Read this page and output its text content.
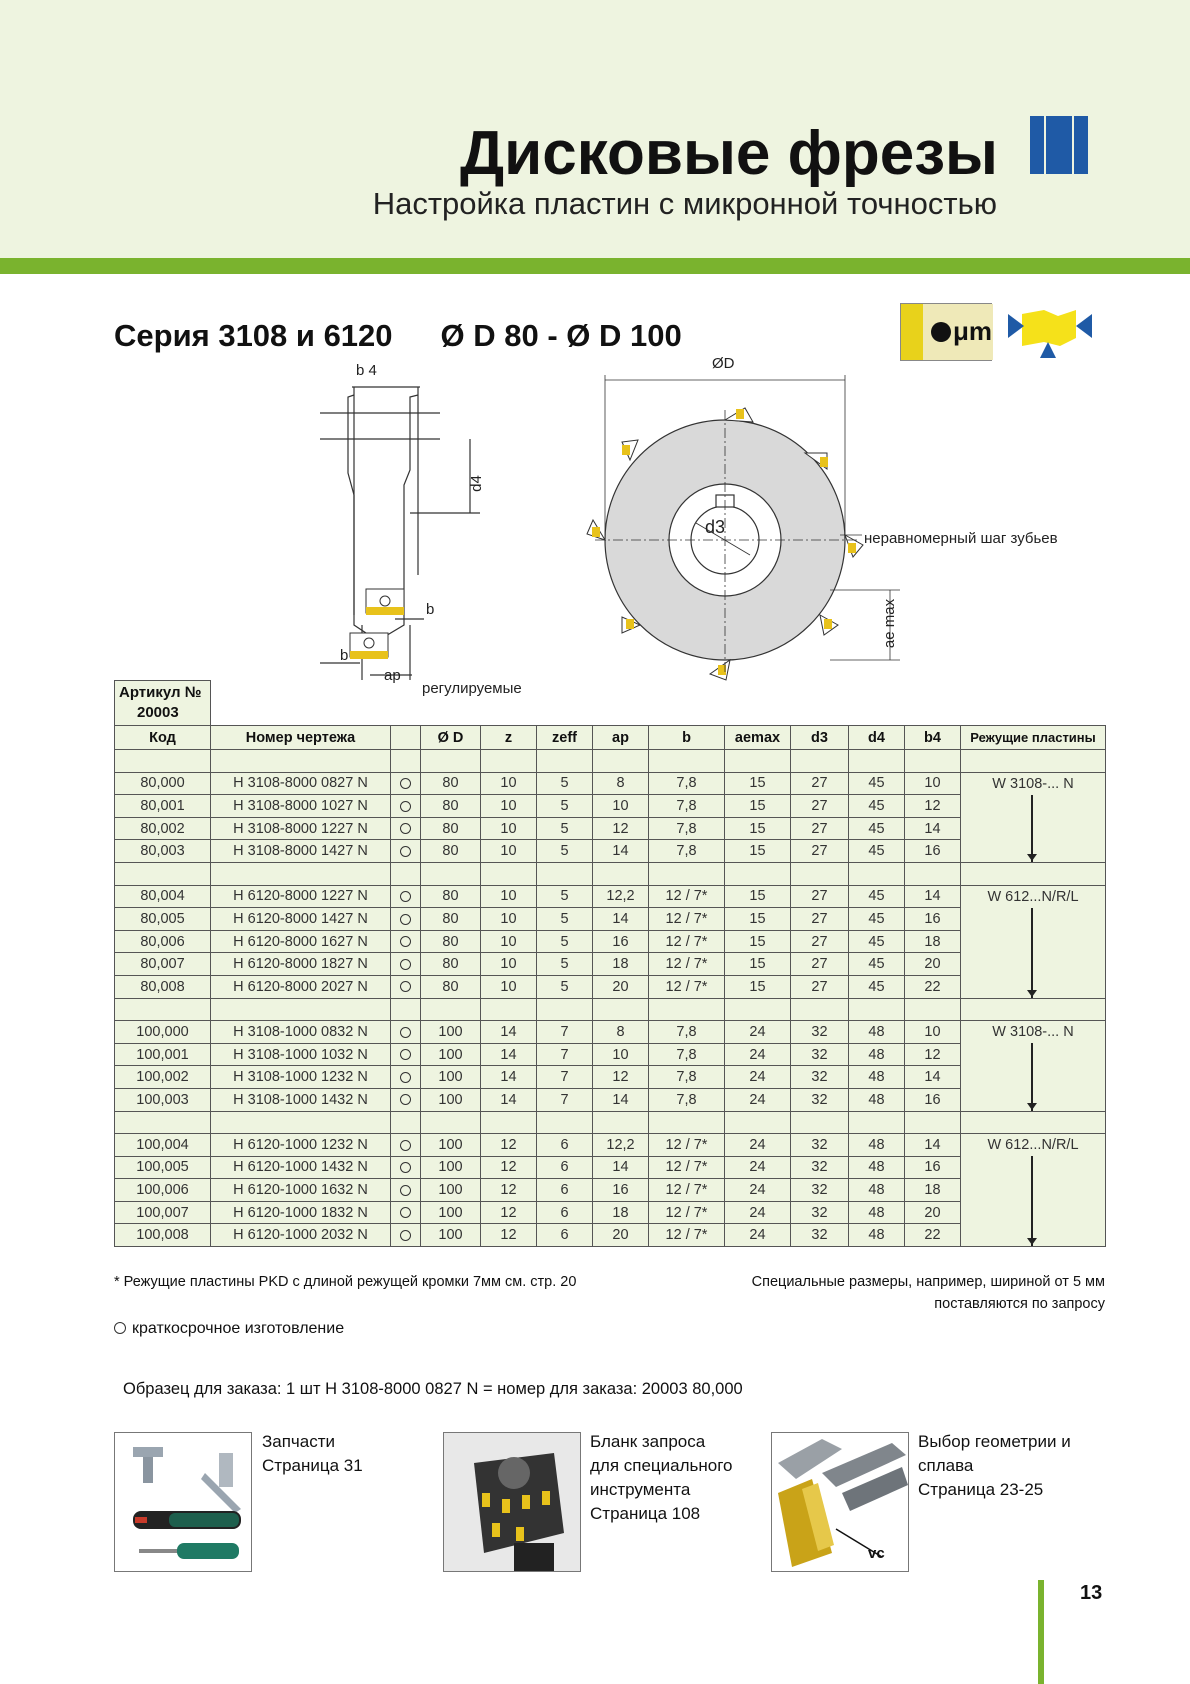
Дисковые фрезы
Настройка пластин с микронной точностью
Серия 3108 и 6120 Ø D 80 - Ø D 100	μm
b 4
d4
b
b
ap
регулируемые
ØD
d3
неравномерный шаг зубьев
ae max
Артикул №
20003												
Код	Номер чертежа		Ø D	z	zeff	ap	b	aemax	d3	d4	b4	Режущие пластины

80,000	H 3108-8000 0827 N		80	10	5	8	7,8	15	27	45	10	W 3108-... N
80,001	H 3108-8000 1027 N		80	10	5	10	7,8	15	27	45	12	

80,002	H 3108-8000 1227 N		80	10	5	12	7,8	15	27	45	14	

80,003	H 3108-8000 1427 N		80	10	5	14	7,8	15	27	45	16	

80,004	H 6120-8000 1227 N		80	10	5	12,2	12 / 7*	15	27	45	14	W 612...N/R/L
80,005	H 6120-8000 1427 N		80	10	5	14	12 / 7*	15	27	45	16	

80,006	H 6120-8000 1627 N		80	10	5	16	12 / 7*	15	27	45	18	

80,007	H 6120-8000 1827 N		80	10	5	18	12 / 7*	15	27	45	20	

80,008	H 6120-8000 2027 N		80	10	5	20	12 / 7*	15	27	45	22	

100,000	H 3108-1000 0832 N		100	14	7	8	7,8	24	32	48	10	W 3108-... N
100,001	H 3108-1000 1032 N		100	14	7	10	7,8	24	32	48	12	

100,002	H 3108-1000 1232 N		100	14	7	12	7,8	24	32	48	14	

100,003	H 3108-1000 1432 N		100	14	7	14	7,8	24	32	48	16	

100,004	H 6120-1000 1232 N		100	12	6	12,2	12 / 7*	24	32	48	14	W 612...N/R/L
100,005	H 6120-1000 1432 N		100	12	6	14	12 / 7*	24	32	48	16	

100,006	H 6120-1000 1632 N		100	12	6	16	12 / 7*	24	32	48	18	

100,007	H 6120-1000 1832 N		100	12	6	18	12 / 7*	24	32	48	20	

100,008	H 6120-1000 2032 N		100	12	6	20	12 / 7*	24	32	48	22	
* Режущие пластины PKD с длиной режущей кромки 7мм см. стр. 20	Специальные размеры, например, шириной от 5 мм
поставляются по запросу
краткосрочное изготовление
Образец для заказа: 1 шт H 3108-8000 0827 N = номер для заказа: 20003 80,000
Запчасти
Страница 31
Бланк запроса
для специального
инструмента
Страница 108
vc
Выбор геометрии и
сплава
Страница 23-25
13
